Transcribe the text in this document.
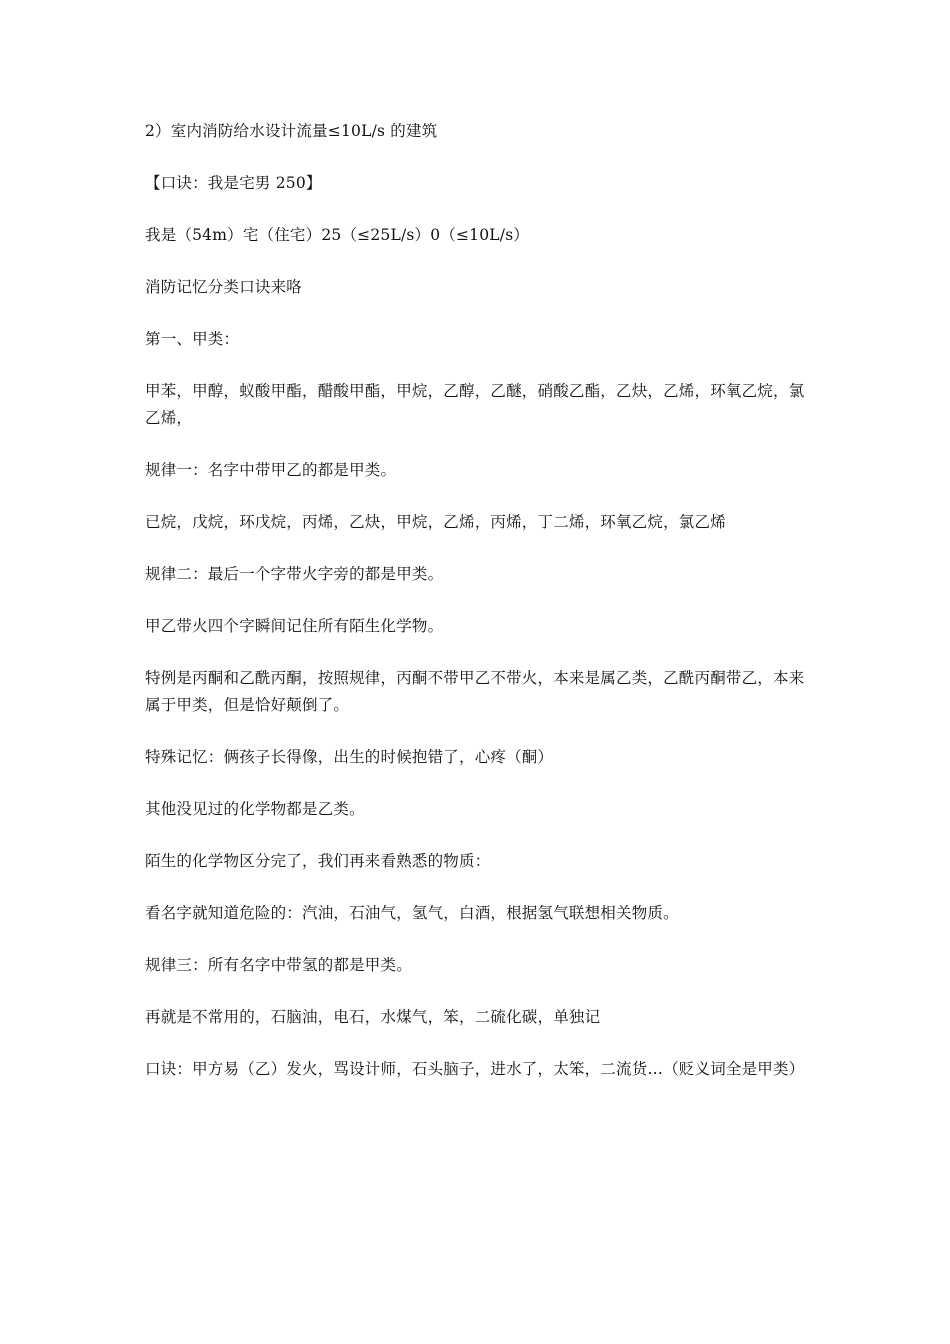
2）室内消防给水设计流量≤10L/s 的建筑

【口诀：我是宅男 250】

我是（54m）宅（住宅）25（≤25L/s）0（≤10L/s）

消防记忆分类口诀来咯

第一、甲类：

甲苯，甲醇，蚁酸甲酯，醋酸甲酯，甲烷，乙醇，乙醚，硝酸乙酯，乙炔，乙烯，环氧乙烷，氯乙烯，

规律一：名字中带甲乙的都是甲类。

已烷，戊烷，环戊烷，丙烯，乙炔，甲烷，乙烯，丙烯，丁二烯，环氧乙烷，氯乙烯

规律二：最后一个字带火字旁的都是甲类。

甲乙带火四个字瞬间记住所有陌生化学物。

特例是丙酮和乙酰丙酮，按照规律，丙酮不带甲乙不带火，本来是属乙类，乙酰丙酮带乙，本来属于甲类，但是恰好颠倒了。

特殊记忆：俩孩子长得像，出生的时候抱错了，心疼（酮）

其他没见过的化学物都是乙类。

陌生的化学物区分完了，我们再来看熟悉的物质：

看名字就知道危险的：汽油，石油气，氢气，白酒，根据氢气联想相关物质。

规律三：所有名字中带氢的都是甲类。

再就是不常用的，石脑油，电石，水煤气，笨，二硫化碳，单独记

口诀：甲方易（乙）发火，骂设计师，石头脑子，进水了，太笨，二流货…（贬义词全是甲类）
